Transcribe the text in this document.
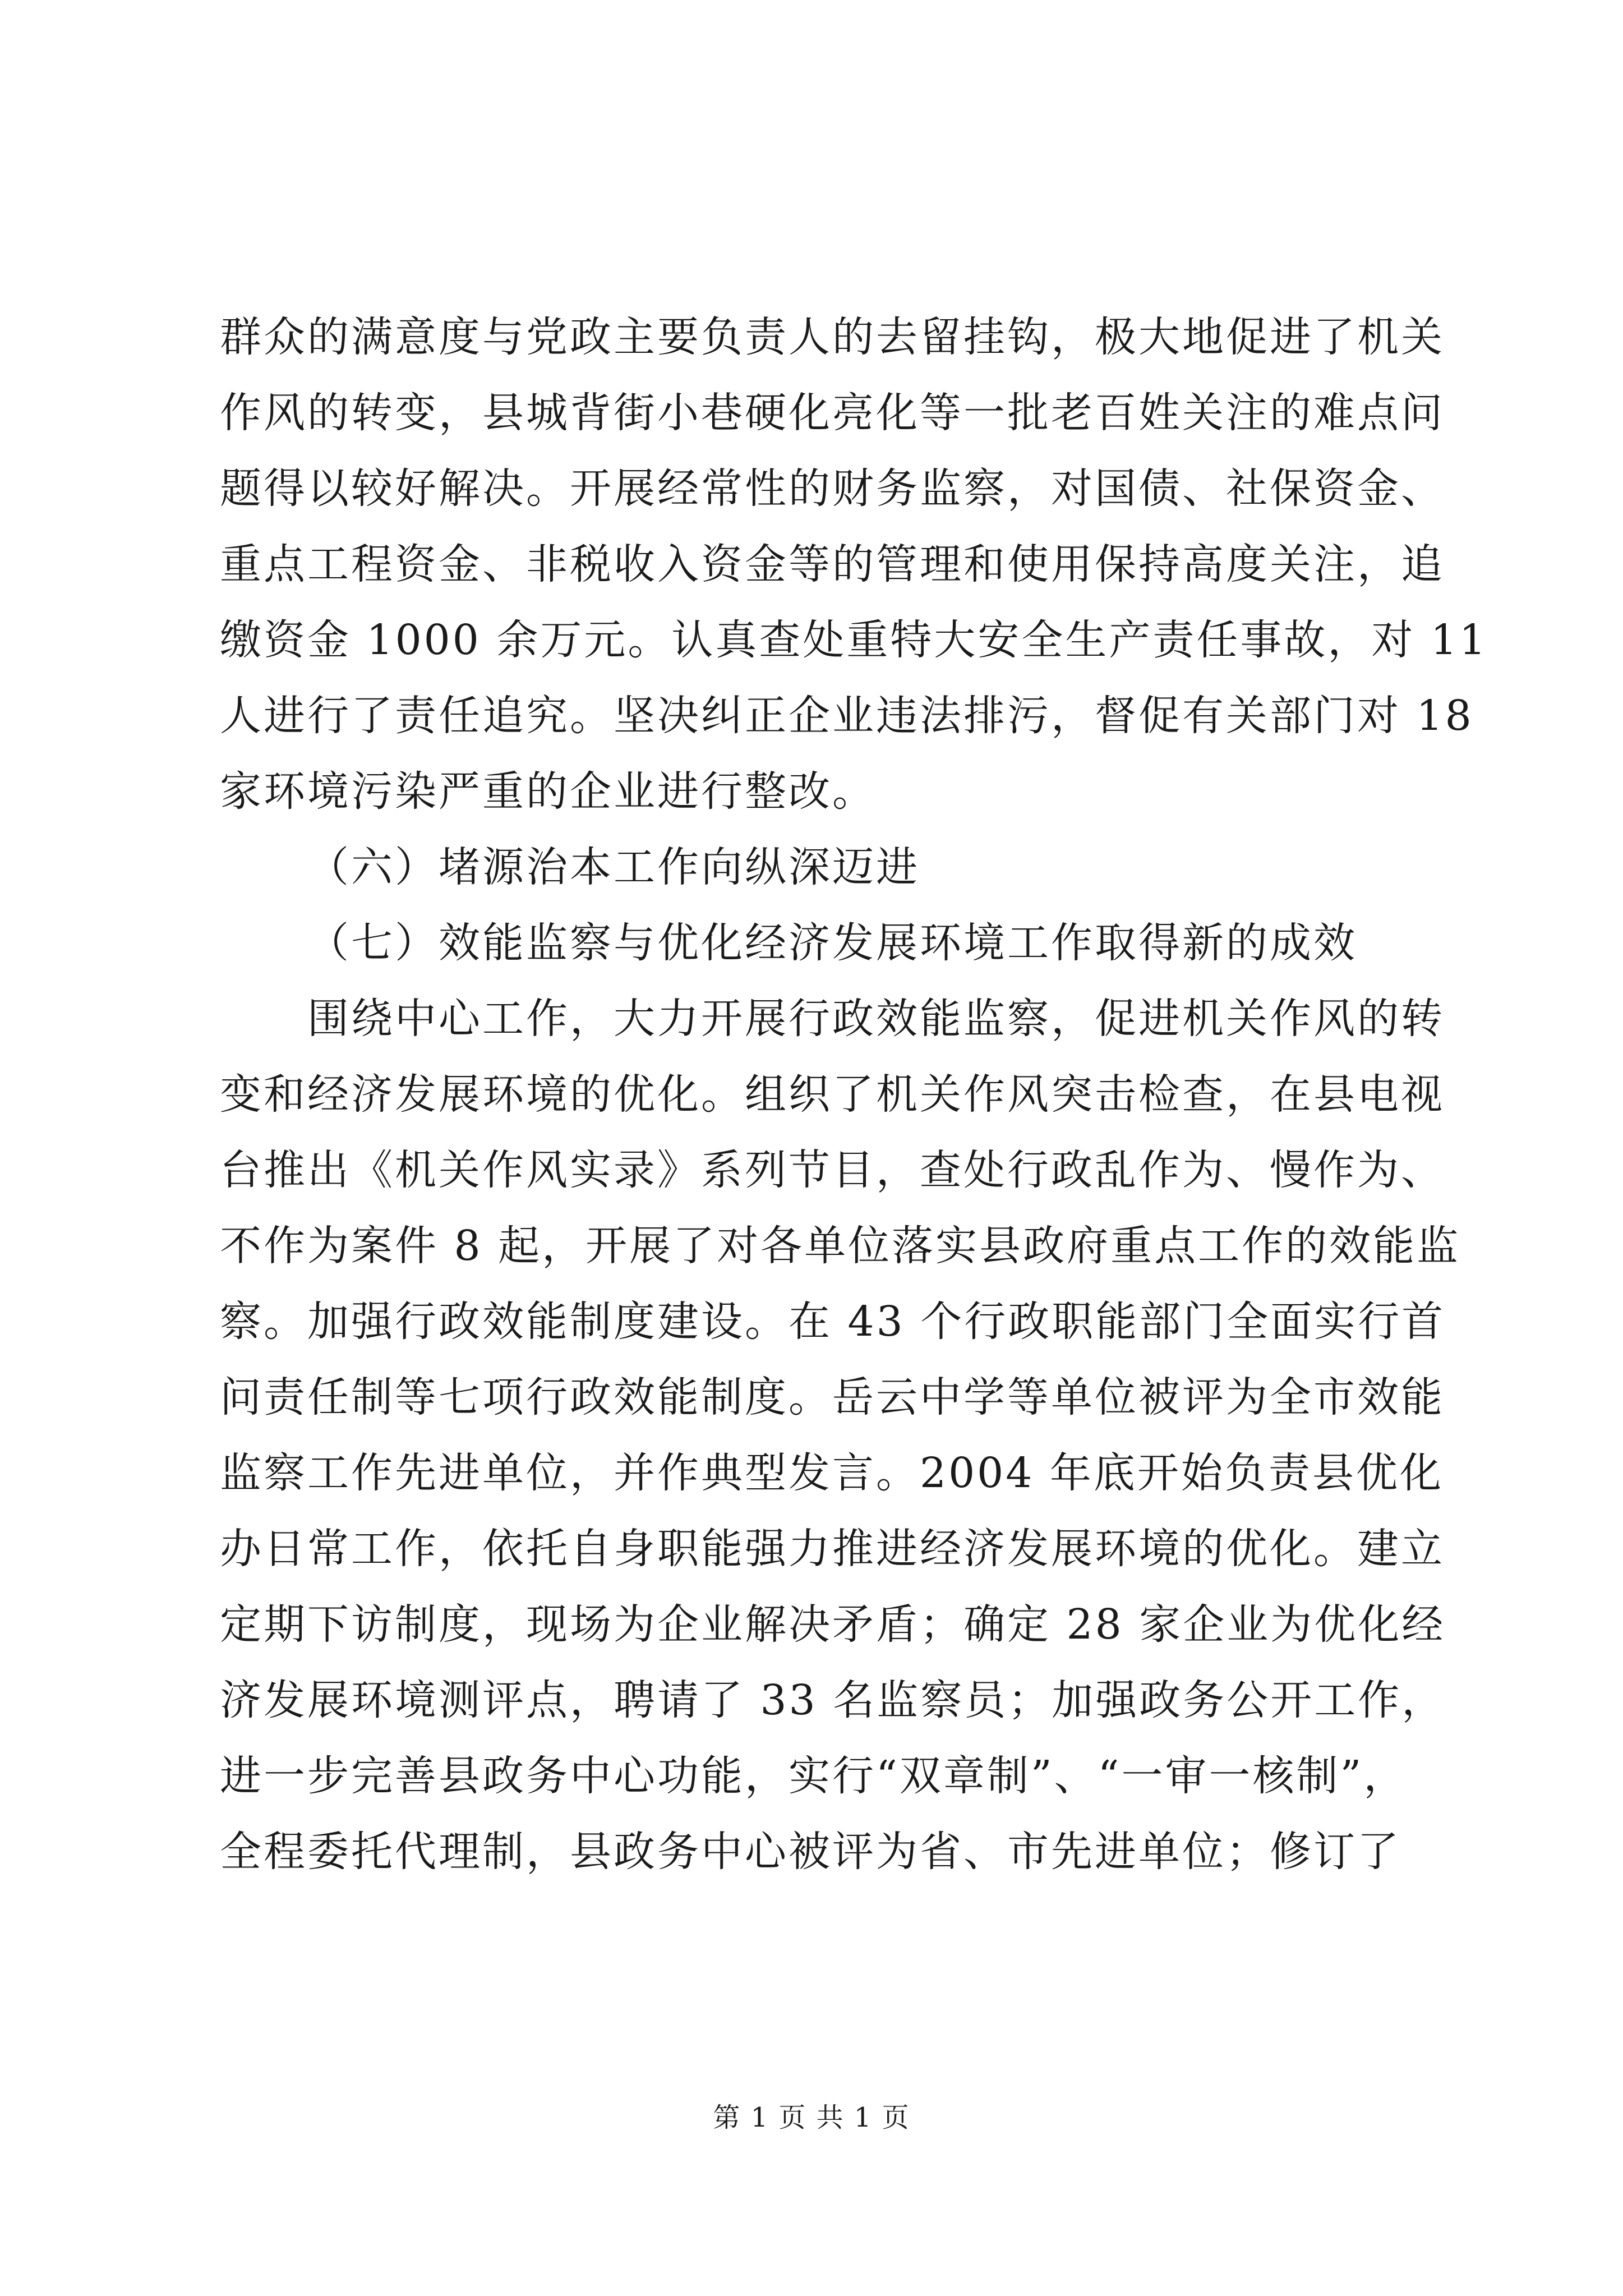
群众的满意度与党政主要负责人的去留挂钩，极大地促进了机关
作风的转变，县城背街小巷硬化亮化等一批老百姓关注的难点问
题得以较好解决。开展经常性的财务监察，对国债、社保资金、
重点工程资金、非税收入资金等的管理和使用保持高度关注，追
缴资金 1000 余万元。认真查处重特大安全生产责任事故，对 11
人进行了责任追究。坚决纠正企业违法排污，督促有关部门对 18
家环境污染严重的企业进行整改。
（六）堵源治本工作向纵深迈进
（七）效能监察与优化经济发展环境工作取得新的成效
围绕中心工作，大力开展行政效能监察，促进机关作风的转
变和经济发展环境的优化。组织了机关作风突击检查，在县电视
台推出《机关作风实录》系列节目，查处行政乱作为、慢作为、
不作为案件 8 起，开展了对各单位落实县政府重点工作的效能监
察。加强行政效能制度建设。在 43 个行政职能部门全面实行首
问责任制等七项行政效能制度。岳云中学等单位被评为全市效能
监察工作先进单位，并作典型发言。2004 年底开始负责县优化
办日常工作，依托自身职能强力推进经济发展环境的优化。建立
定期下访制度，现场为企业解决矛盾；确定 28 家企业为优化经
济发展环境测评点，聘请了 33 名监察员；加强政务公开工作，
进一步完善县政务中心功能，实行“双章制”、“一审一核制”，
全程委托代理制，县政务中心被评为省、市先进单位；修订了
第 1 页 共 1 页
